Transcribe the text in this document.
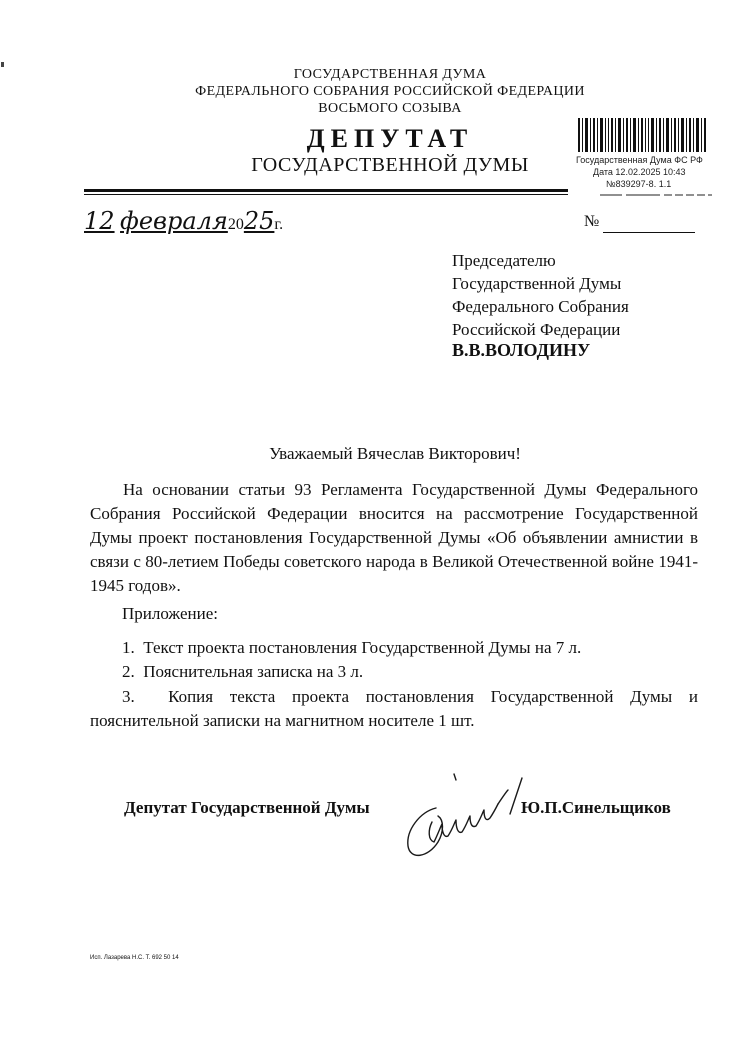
ГОСУДАРСТВЕННАЯ ДУМА
ФЕДЕРАЛЬНОГО СОБРАНИЯ РОССИЙСКОЙ ФЕДЕРАЦИИ
ВОСЬМОГО СОЗЫВА
ДЕПУТАТ
ГОСУДАРСТВЕННОЙ ДУМЫ	Государственная Дума ФС РФ
Дата 12.02.2025 10:43
№839297-8. 1.1
12 февраля2025г.	№
Председателю
Государственной Думы
Федерального Собрания
Российской Федерации
В.В.ВОЛОДИНУ
Уважаемый Вячеслав Викторович!
На основании статьи 93 Регламента Государственной Думы Федерального Собрания Российской Федерации вносится на рассмотрение Государственной Думы проект постановления Государственной Думы «Об объявлении амнистии в связи с 80-летием Победы советского народа в Великой Отечественной войне 1941-1945 годов».
Приложение:
1. Текст проекта постановления Государственной Думы на 7 л.
2. Пояснительная записка на 3 л.
3. Копия текста проекта постановления Государственной Думы и пояснительной записки на магнитном носителе 1 шт.
Депутат Государственной Думы	Ю.П.Синельщиков
Исп. Лазарева Н.С. Т. 692 50 14
